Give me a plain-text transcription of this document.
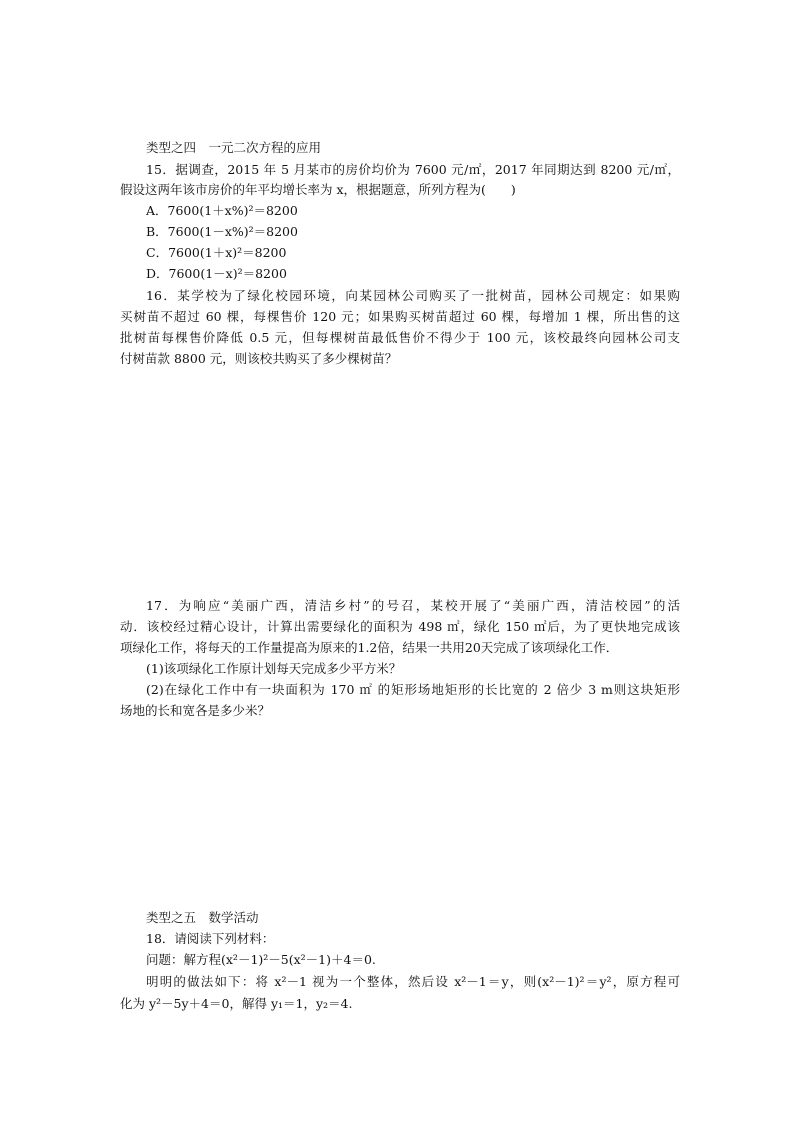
类型之四　一元二次方程的应用
15．据调查，2015 年 5 月某市的房价均价为 7600 元/㎡，2017 年同期达到 8200 元/㎡，
假设这两年该市房价的年平均增长率为 x，根据题意，所列方程为(　　)
A．7600(1＋x%)²＝8200
B．7600(1－x%)²＝8200
C．7600(1＋x)²＝8200
D．7600(1－x)²＝8200
16．某学校为了绿化校园环境，向某园林公司购买了一批树苗，园林公司规定：如果购
买树苗不超过 60 棵，每棵售价 120 元；如果购买树苗超过 60 棵，每增加 1 棵，所出售的这
批树苗每棵售价降低 0.5 元，但每棵树苗最低售价不得少于 100 元，该校最终向园林公司支
付树苗款 8800 元，则该校共购买了多少棵树苗？
17．为响应“美丽广西，清洁乡村”的号召，某校开展了“美丽广西，清洁校园”的活
动．该校经过精心设计，计算出需要绿化的面积为 498 ㎡，绿化 150 ㎡后，为了更快地完成该
项绿化工作，将每天的工作量提高为原来的1.2倍，结果一共用20天完成了该项绿化工作．
(1)该项绿化工作原计划每天完成多少平方米？
(2)在绿化工作中有一块面积为 170 ㎡ 的矩形场地矩形的长比宽的 2 倍少 3 m则这块矩形
场地的长和宽各是多少米？
类型之五　数学活动
18．请阅读下列材料：
问题：解方程(x²－1)²－5(x²－1)＋4＝0.
明明的做法如下：将 x²－1 视为一个整体，然后设 x²－1＝y，则(x²－1)²＝y²，原方程可
化为 y²－5y＋4＝0，解得 y₁＝1，y₂＝4.
